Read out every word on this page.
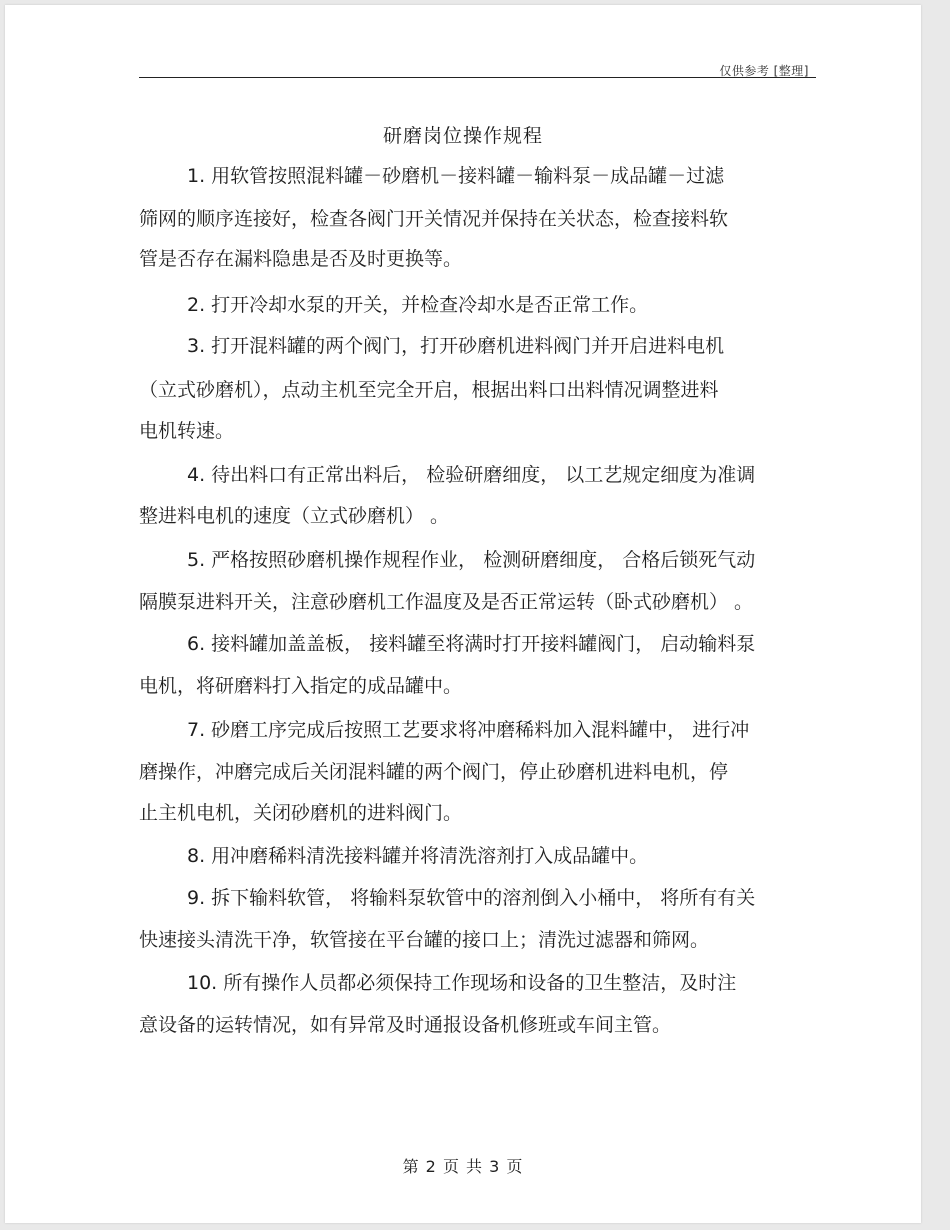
仅供参考 [整理]
研磨岗位操作规程
1. 用软管按照混料罐－砂磨机－接料罐－输料泵－成品罐－过滤
筛网的顺序连接好，检查各阀门开关情况并保持在关状态，检查接料软
管是否存在漏料隐患是否及时更换等。
2. 打开冷却水泵的开关，并检查冷却水是否正常工作。
3. 打开混料罐的两个阀门，打开砂磨机进料阀门并开启进料电机
（立式砂磨机），点动主机至完全开启，根据出料口出料情况调整进料
电机转速。
4. 待出料口有正常出料后， 检验研磨细度， 以工艺规定细度为准调
整进料电机的速度（立式砂磨机） 。
5. 严格按照砂磨机操作规程作业， 检测研磨细度， 合格后锁死气动
隔膜泵进料开关，注意砂磨机工作温度及是否正常运转（卧式砂磨机） 。
6. 接料罐加盖盖板， 接料罐至将满时打开接料罐阀门， 启动输料泵
电机，将研磨料打入指定的成品罐中。
7. 砂磨工序完成后按照工艺要求将冲磨稀料加入混料罐中， 进行冲
磨操作，冲磨完成后关闭混料罐的两个阀门，停止砂磨机进料电机，停
止主机电机，关闭砂磨机的进料阀门。
8. 用冲磨稀料清洗接料罐并将清洗溶剂打入成品罐中。
9. 拆下输料软管， 将输料泵软管中的溶剂倒入小桶中， 将所有有关
快速接头清洗干净，软管接在平台罐的接口上；清洗过滤器和筛网。
10. 所有操作人员都必须保持工作现场和设备的卫生整洁，及时注
意设备的运转情况，如有异常及时通报设备机修班或车间主管。
第 2 页 共 3 页
